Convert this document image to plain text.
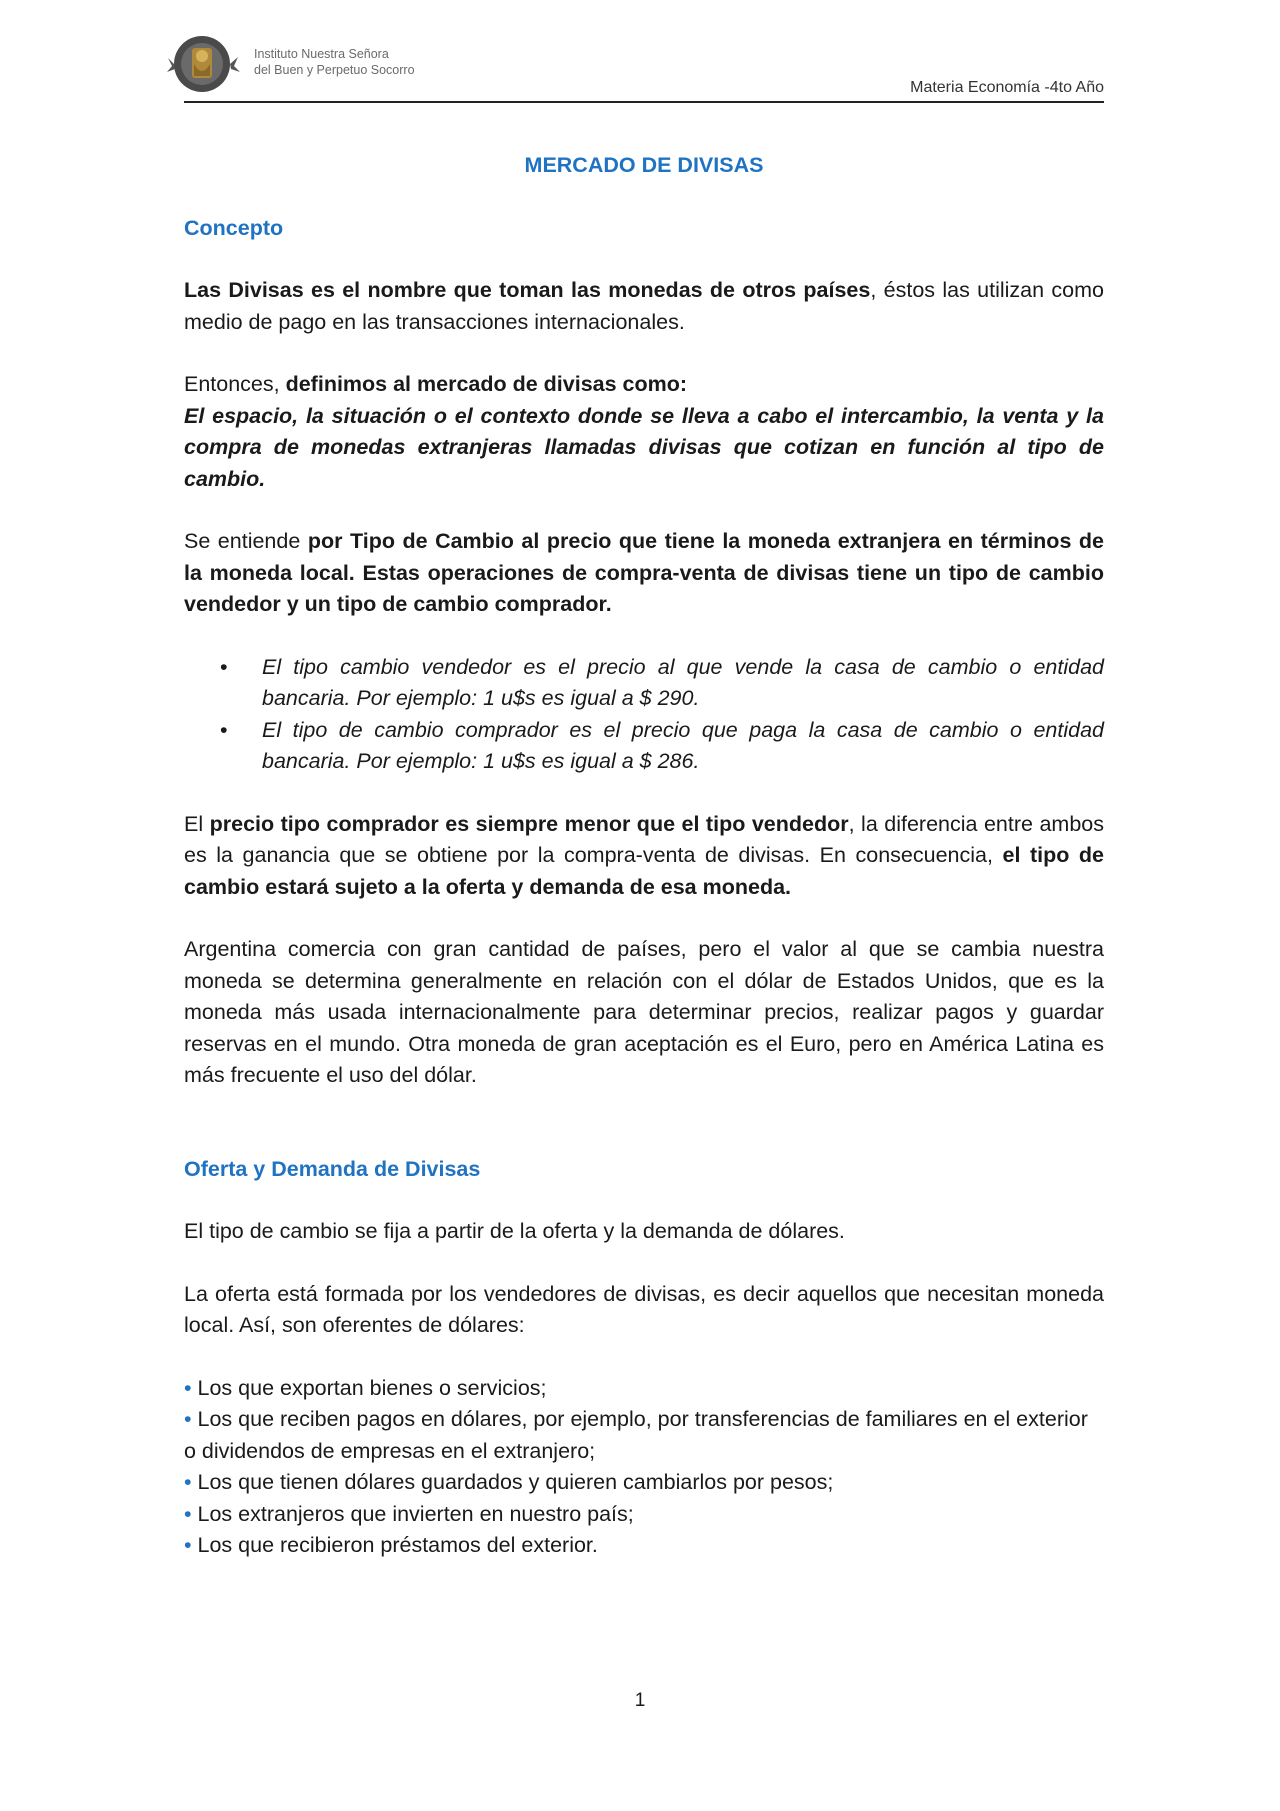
Instituto Nuestra Señora
del Buen y Perpetuo Socorro
Materia Economía -4to Año

MERCADO DE DIVISAS

Concepto

Las Divisas es el nombre que toman las monedas de otros países, éstos las utilizan como medio de pago en las transacciones internacionales.

Entonces, definimos al mercado de divisas como:

El espacio, la situación o el contexto donde se lleva a cabo el intercambio, la venta y la compra de monedas extranjeras llamadas divisas que cotizan en función al tipo de cambio.

Se entiende por Tipo de Cambio al precio que tiene la moneda extranjera en términos de la moneda local. Estas operaciones de compra-venta de divisas tiene un tipo de cambio vendedor y un tipo de cambio comprador.

• El tipo cambio vendedor es el precio al que vende la casa de cambio o entidad bancaria. Por ejemplo: 1 u$s es igual a $ 290.
• El tipo de cambio comprador es el precio que paga la casa de cambio o entidad bancaria. Por ejemplo: 1 u$s es igual a $ 286.

El precio tipo comprador es siempre menor que el tipo vendedor, la diferencia entre ambos es la ganancia que se obtiene por la compra-venta de divisas. En consecuencia, el tipo de cambio estará sujeto a la oferta y demanda de esa moneda.

Argentina comercia con gran cantidad de países, pero el valor al que se cambia nuestra moneda se determina generalmente en relación con el dólar de Estados Unidos, que es la moneda más usada internacionalmente para determinar precios, realizar pagos y guardar reservas en el mundo. Otra moneda de gran aceptación es el Euro, pero en América Latina es más frecuente el uso del dólar.

Oferta y Demanda de Divisas

El tipo de cambio se fija a partir de la oferta y la demanda de dólares.

La oferta está formada por los vendedores de divisas, es decir aquellos que necesitan moneda local. Así, son oferentes de dólares:

• Los que exportan bienes o servicios;

• Los que reciben pagos en dólares, por ejemplo, por transferencias de familiares en el exterior o dividendos de empresas en el extranjero;

• Los que tienen dólares guardados y quieren cambiarlos por pesos;

• Los extranjeros que invierten en nuestro país;

• Los que recibieron préstamos del exterior.

1
